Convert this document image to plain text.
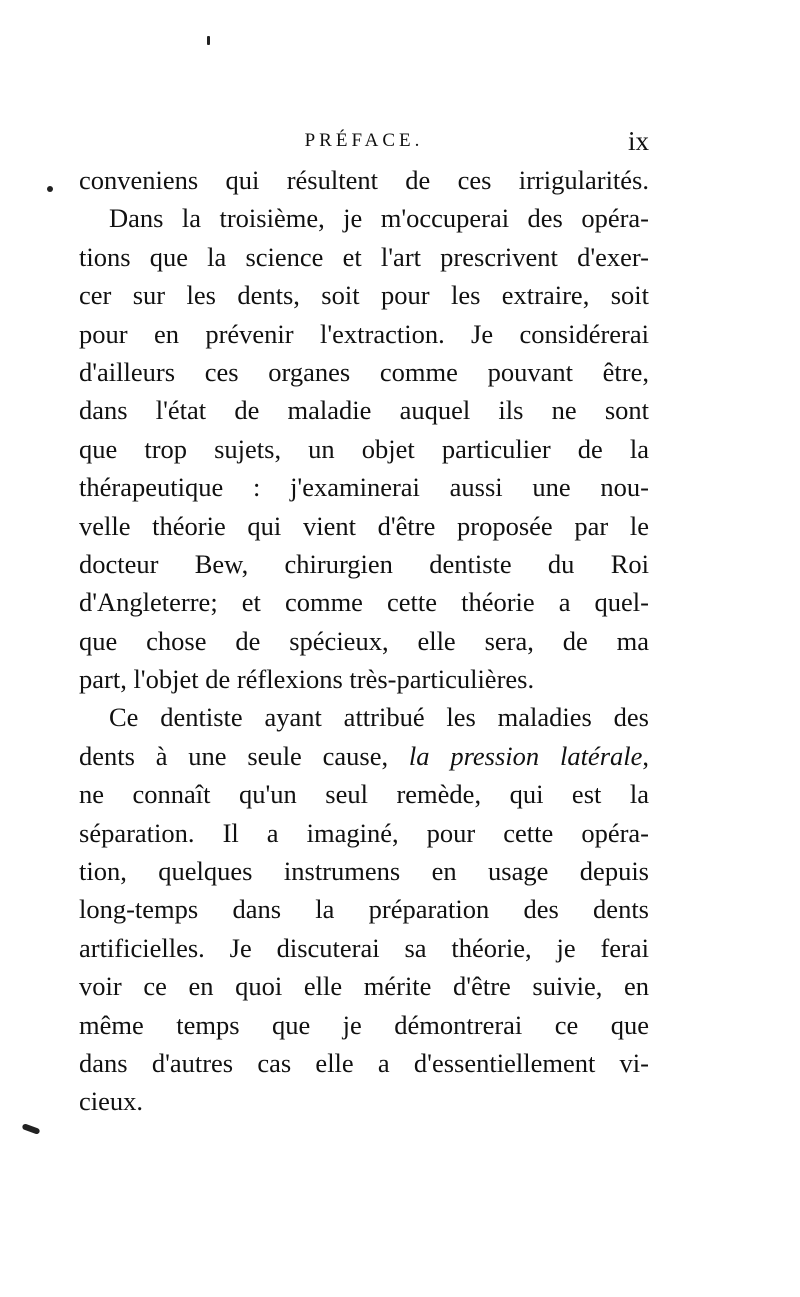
PRÉFACE.	ix
conveniens qui résultent de ces irrigularités.
Dans la troisième, je m'occuperai des opéra-
tions que la science et l'art prescrivent d'exer-
cer sur les dents, soit pour les extraire, soit
pour en prévenir l'extraction. Je considérerai
d'ailleurs ces organes comme pouvant être,
dans l'état de maladie auquel ils ne sont
que trop sujets, un objet particulier de la
thérapeutique : j'examinerai aussi une nou-
velle théorie qui vient d'être proposée par le
docteur Bew, chirurgien dentiste du Roi
d'Angleterre; et comme cette théorie a quel-
que chose de spécieux, elle sera, de ma
part, l'objet de réflexions très-particulières.
Ce dentiste ayant attribué les maladies des
dents à une seule cause, la pression latérale,
ne connaît qu'un seul remède, qui est la
séparation. Il a imaginé, pour cette opéra-
tion, quelques instrumens en usage depuis
long-temps dans la préparation des dents
artificielles. Je discuterai sa théorie, je ferai
voir ce en quoi elle mérite d'être suivie, en
même temps que je démontrerai ce que
dans d'autres cas elle a d'essentiellement vi-
cieux.
